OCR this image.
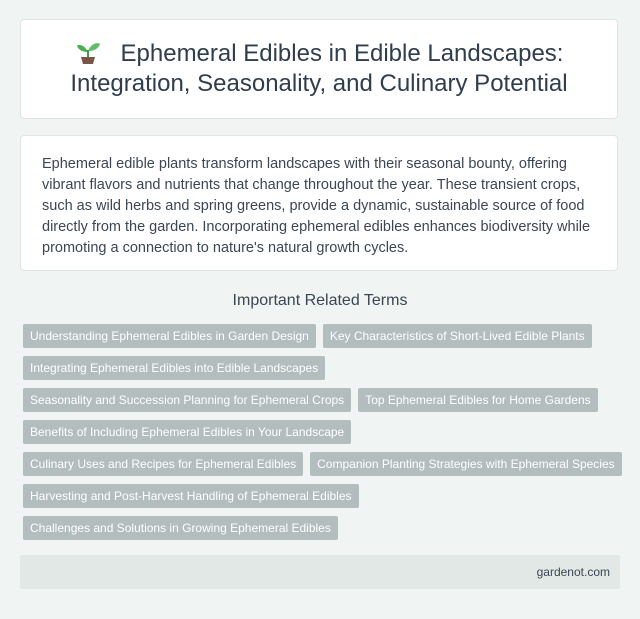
Ephemeral Edibles in Edible Landscapes:
Integration, Seasonality, and Culinary Potential

Ephemeral edible plants transform landscapes with their seasonal bounty, offering vibrant flavors and nutrients that change throughout the year. These transient crops, such as wild herbs and spring greens, provide a dynamic, sustainable source of food directly from the garden. Incorporating ephemeral edibles enhances biodiversity while promoting a connection to nature's natural growth cycles.

Important Related Terms
Understanding Ephemeral Edibles in Garden Design	Key Characteristics of Short-Lived Edible Plants
Integrating Ephemeral Edibles into Edible Landscapes
Seasonality and Succession Planning for Ephemeral Crops	Top Ephemeral Edibles for Home Gardens
Benefits of Including Ephemeral Edibles in Your Landscape
Culinary Uses and Recipes for Ephemeral Edibles	Companion Planting Strategies with Ephemeral Species
Harvesting and Post-Harvest Handling of Ephemeral Edibles
Challenges and Solutions in Growing Ephemeral Edibles
gardenot.com
